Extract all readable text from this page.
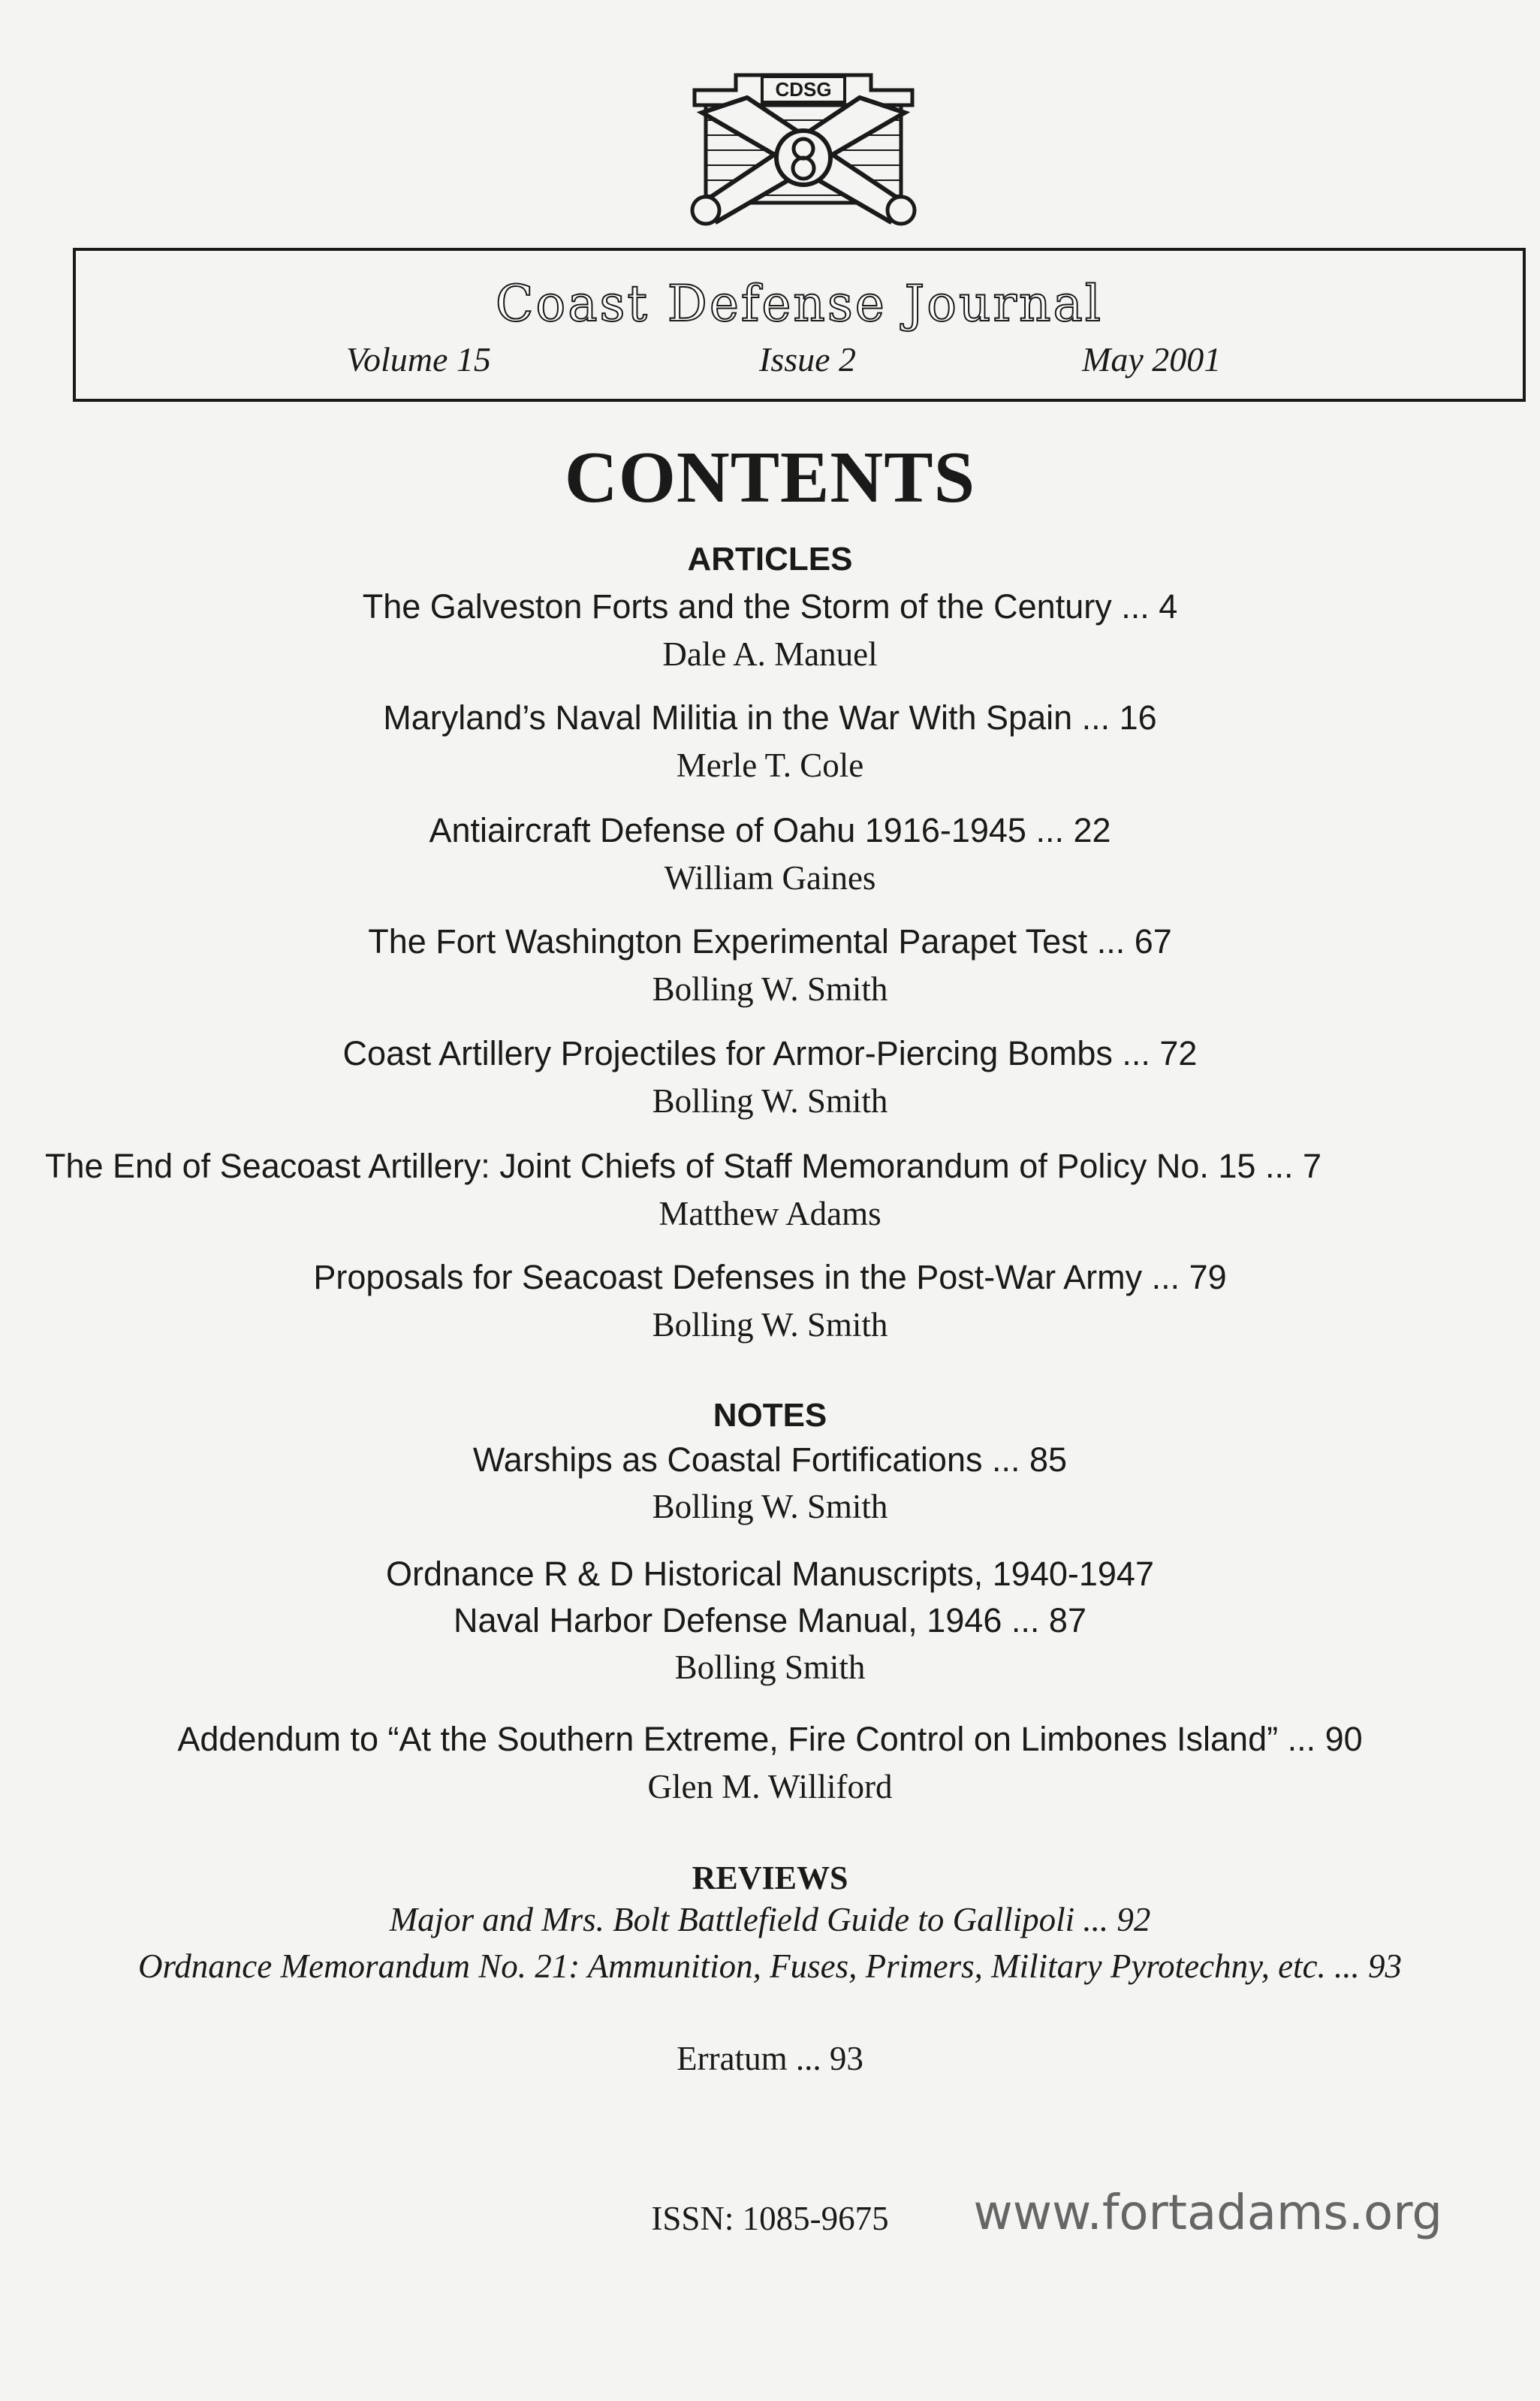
CDSG
Coast Defense Journal
Volume 15	Issue 2	May 2001
CONTENTS
ARTICLES
The Galveston Forts and the Storm of the Century ... 4
Dale A. Manuel
Maryland’s Naval Militia in the War With Spain ... 16
Merle T. Cole
Antiaircraft Defense of Oahu 1916-1945 ... 22
William Gaines
The Fort Washington Experimental Parapet Test ... 67
Bolling W. Smith
Coast Artillery Projectiles for Armor-Piercing Bombs ... 72
Bolling W. Smith
The End of Seacoast Artillery: Joint Chiefs of Staff Memorandum of Policy No. 15 ... 7
Matthew Adams
Proposals for Seacoast Defenses in the Post-War Army ... 79
Bolling W. Smith
NOTES
Warships as Coastal Fortifications ... 85
Bolling W. Smith
Ordnance R & D Historical Manuscripts, 1940-1947
Naval Harbor Defense Manual, 1946 ... 87
Bolling Smith
Addendum to “At the Southern Extreme, Fire Control on Limbones Island” ... 90
Glen M. Williford
REVIEWS
Major and Mrs. Bolt Battlefield Guide to Gallipoli ... 92
Ordnance Memorandum No. 21: Ammunition, Fuses, Primers, Military Pyrotechny, etc. ... 93
Erratum ... 93
ISSN: 1085-9675	www.fortadams.org
